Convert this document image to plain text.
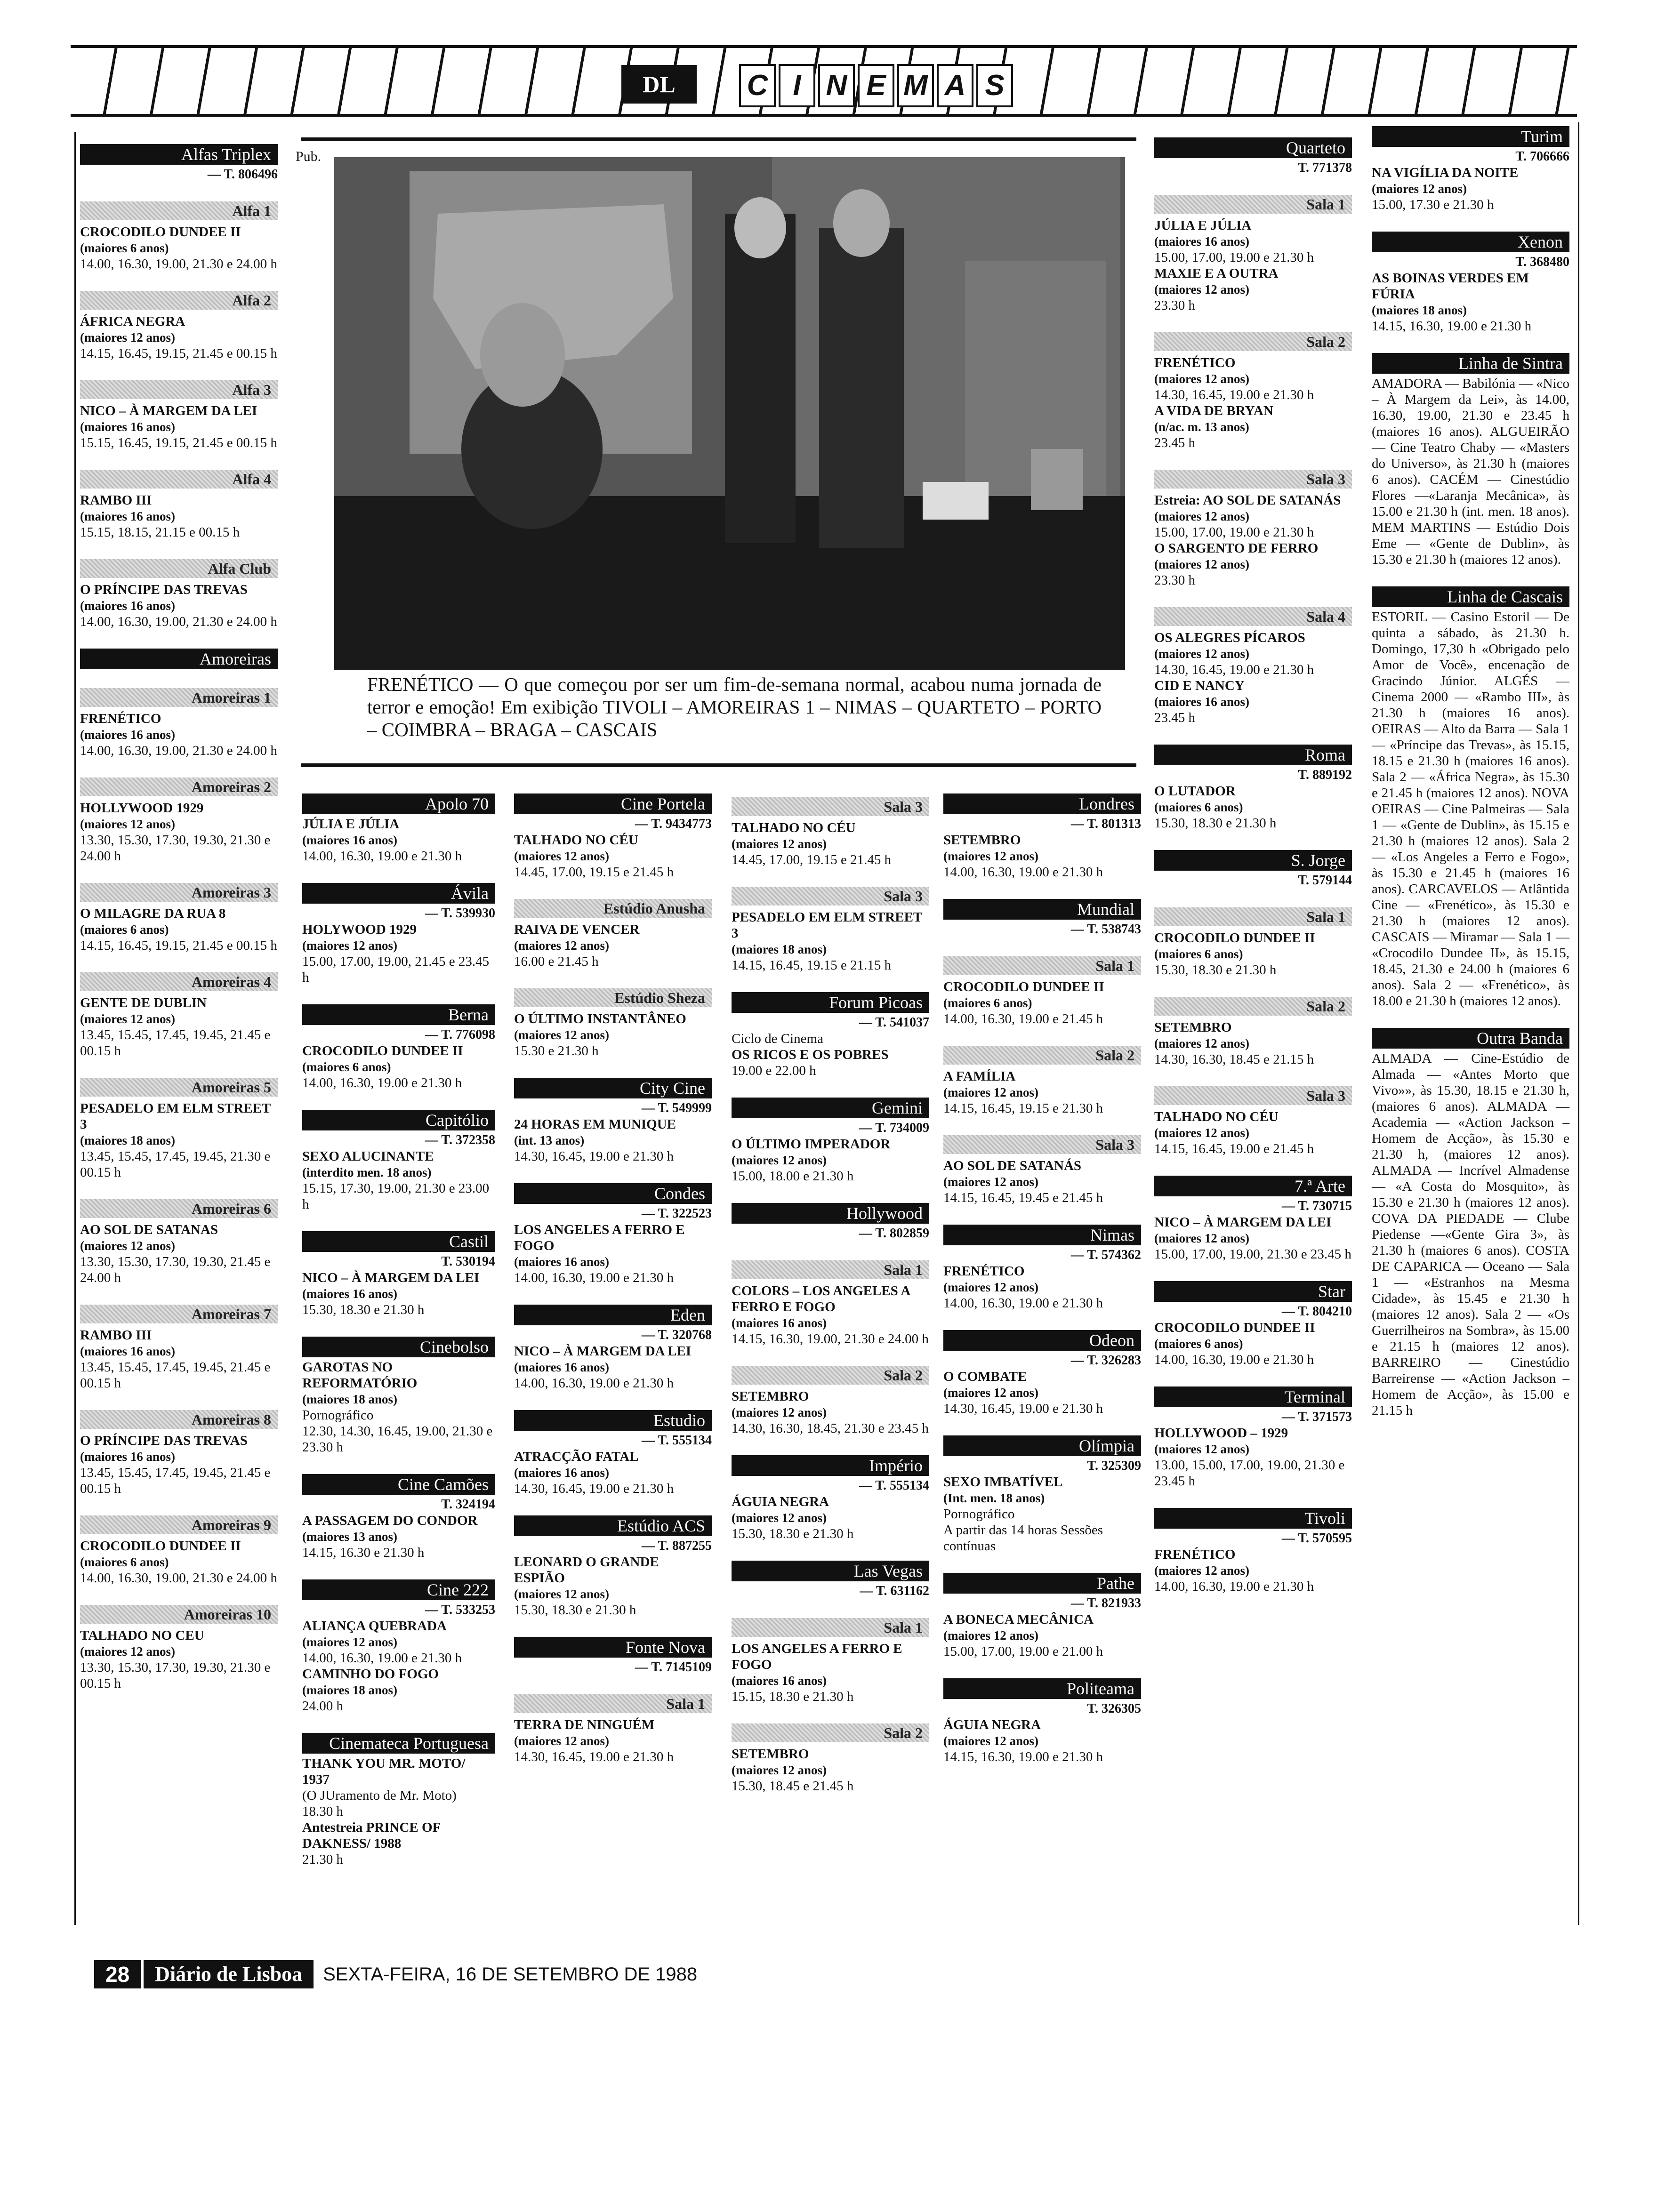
DL	C I N E M A S
Alfas Triplex
— T. 806496
Alfa 1
CROCODILO DUNDEE II
(maiores 6 anos)
14.00, 16.30, 19.00, 21.30 e 24.00 h
Alfa 2
ÁFRICA NEGRA
(maiores 12 anos)
14.15, 16.45, 19.15, 21.45 e 00.15 h
Alfa 3
NICO – À MARGEM DA LEI
(maiores 16 anos)
15.15, 16.45, 19.15, 21.45 e 00.15 h
Alfa 4
RAMBO III
(maiores 16 anos)
15.15, 18.15, 21.15 e 00.15 h
Alfa Club
O PRÍNCIPE DAS TREVAS
(maiores 16 anos)
14.00, 16.30, 19.00, 21.30 e 24.00 h
Amoreiras
Amoreiras 1
FRENÉTICO
(maiores 16 anos)
14.00, 16.30, 19.00, 21.30 e 24.00 h
Amoreiras 2
HOLLYWOOD 1929
(maiores 12 anos)
13.30, 15.30, 17.30, 19.30, 21.30 e 24.00 h
Amoreiras 3
O MILAGRE DA RUA 8
(maiores 6 anos)
14.15, 16.45, 19.15, 21.45 e 00.15 h
Amoreiras 4
GENTE DE DUBLIN
(maiores 12 anos)
13.45, 15.45, 17.45, 19.45, 21.45 e 00.15 h
Amoreiras 5
PESADELO EM ELM STREET 3
(maiores 18 anos)
13.45, 15.45, 17.45, 19.45, 21.30 e 00.15 h
Amoreiras 6
AO SOL DE SATANAS
(maiores 12 anos)
13.30, 15.30, 17.30, 19.30, 21.45 e 24.00 h
Amoreiras 7
RAMBO III
(maiores 16 anos)
13.45, 15.45, 17.45, 19.45, 21.45 e 00.15 h
Amoreiras 8
O PRÍNCIPE DAS TREVAS
(maiores 16 anos)
13.45, 15.45, 17.45, 19.45, 21.45 e 00.15 h
Amoreiras 9
CROCODILO DUNDEE II
(maiores 6 anos)
14.00, 16.30, 19.00, 21.30 e 24.00 h
Amoreiras 10
TALHADO NO CEU
(maiores 12 anos)
13.30, 15.30, 17.30, 19.30, 21.30 e 00.15 h
Apolo 70
JÚLIA E JÚLIA
(maiores 16 anos)
14.00, 16.30, 19.00 e 21.30 h
Ávila
— T. 539930
HOLYWOOD 1929
(maiores 12 anos)
15.00, 17.00, 19.00, 21.45 e 23.45 h
Berna
— T. 776098
CROCODILO DUNDEE II
(maiores 6 anos)
14.00, 16.30, 19.00 e 21.30 h
Capitólio
— T. 372358
SEXO ALUCINANTE
(interdito men. 18 anos)
15.15, 17.30, 19.00, 21.30 e 23.00 h
Castil
T. 530194
NICO – À MARGEM DA LEI
(maiores 16 anos)
15.30, 18.30 e 21.30 h
Cinebolso
GAROTAS NO REFORMATÓRIO
(maiores 18 anos)
Pornográfico
12.30, 14.30, 16.45, 19.00, 21.30 e 23.30 h
Cine Camões
T. 324194
A PASSAGEM DO CONDOR
(maiores 13 anos)
14.15, 16.30 e 21.30 h
Cine 222
— T. 533253
ALIANÇA QUEBRADA
(maiores 12 anos)
14.00, 16.30, 19.00 e 21.30 h
CAMINHO DO FOGO
(maiores 18 anos)
24.00 h
Cinemateca Portuguesa
THANK YOU MR. MOTO/ 1937
(O JUramento de Mr. Moto)
18.30 h
Antestreia PRINCE OF DAKNESS/ 1988
21.30 h
Cine Portela
— T. 9434773
TALHADO NO CÉU
(maiores 12 anos)
14.45, 17.00, 19.15 e 21.45 h
Estúdio Anusha
RAIVA DE VENCER
(maiores 12 anos)
16.00 e 21.45 h
Estúdio Sheza
O ÚLTIMO INSTANTÂNEO
(maiores 12 anos)
15.30 e 21.30 h
City Cine
— T. 549999
24 HORAS EM MUNIQUE
(int. 13 anos)
14.30, 16.45, 19.00 e 21.30 h
Condes
— T. 322523
LOS ANGELES A FERRO E FOGO
(maiores 16 anos)
14.00, 16.30, 19.00 e 21.30 h
Eden
— T. 320768
NICO – À MARGEM DA LEI
(maiores 16 anos)
14.00, 16.30, 19.00 e 21.30 h
Estudio
— T. 555134
ATRACÇÃO FATAL
(maiores 16 anos)
14.30, 16.45, 19.00 e 21.30 h
Estúdio ACS
— T. 887255
LEONARD O GRANDE ESPIÃO
(maiores 12 anos)
15.30, 18.30 e 21.30 h
Fonte Nova
— T. 7145109
Sala 1
TERRA DE NINGUÉM
(maiores 12 anos)
14.30, 16.45, 19.00 e 21.30 h
Sala 3
TALHADO NO CÉU
(maiores 12 anos)
14.45, 17.00, 19.15 e 21.45 h
Sala 3
PESADELO EM ELM STREET 3
(maiores 18 anos)
14.15, 16.45, 19.15 e 21.15 h
Forum Picoas
— T. 541037
Ciclo de Cinema
OS RICOS E OS POBRES
19.00 e 22.00 h
Gemini
— T. 734009
O ÚLTIMO IMPERADOR
(maiores 12 anos)
15.00, 18.00 e 21.30 h
Hollywood
— T. 802859
Sala 1
COLORS – LOS ANGELES A FERRO E FOGO
(maiores 16 anos)
14.15, 16.30, 19.00, 21.30 e 24.00 h
Sala 2
SETEMBRO
(maiores 12 anos)
14.30, 16.30, 18.45, 21.30 e 23.45 h
Império
— T. 555134
ÁGUIA NEGRA
(maiores 12 anos)
15.30, 18.30 e 21.30 h
Las Vegas
— T. 631162
Sala 1
LOS ANGELES A FERRO E FOGO
(maiores 16 anos)
15.15, 18.30 e 21.30 h
Sala 2
SETEMBRO
(maiores 12 anos)
15.30, 18.45 e 21.45 h
Londres
— T. 801313
SETEMBRO
(maiores 12 anos)
14.00, 16.30, 19.00 e 21.30 h
Mundial
— T. 538743
Sala 1
CROCODILO DUNDEE II
(maiores 6 anos)
14.00, 16.30, 19.00 e 21.45 h
Sala 2
A FAMÍLIA
(maiores 12 anos)
14.15, 16.45, 19.15 e 21.30 h
Sala 3
AO SOL DE SATANÁS
(maiores 12 anos)
14.15, 16.45, 19.45 e 21.45 h
Nimas
— T. 574362
FRENÉTICO
(maiores 12 anos)
14.00, 16.30, 19.00 e 21.30 h
Odeon
— T. 326283
O COMBATE
(maiores 12 anos)
14.30, 16.45, 19.00 e 21.30 h
Olímpia
T. 325309
SEXO IMBATÍVEL
(Int. men. 18 anos)
Pornográfico
A partir das 14 horas Sessões contínuas
Pathe
— T. 821933
A BONECA MECÂNICA
(maiores 12 anos)
15.00, 17.00, 19.00 e 21.00 h
Politeama
T. 326305
ÁGUIA NEGRA
(maiores 12 anos)
14.15, 16.30, 19.00 e 21.30 h
Quarteto
T. 771378
Sala 1
JÚLIA E JÚLIA
(maiores 16 anos)
15.00, 17.00, 19.00 e 21.30 h
MAXIE E A OUTRA
(maiores 12 anos)
23.30 h
Sala 2
FRENÉTICO
(maiores 12 anos)
14.30, 16.45, 19.00 e 21.30 h
A VIDA DE BRYAN
(n/ac. m. 13 anos)
23.45 h
Sala 3
Estreia: AO SOL DE SATANÁS
(maiores 12 anos)
15.00, 17.00, 19.00 e 21.30 h
O SARGENTO DE FERRO
(maiores 12 anos)
23.30 h
Sala 4
OS ALEGRES PÍCAROS
(maiores 12 anos)
14.30, 16.45, 19.00 e 21.30 h
CID E NANCY
(maiores 16 anos)
23.45 h
Roma
T. 889192
O LUTADOR
(maiores 6 anos)
15.30, 18.30 e 21.30 h
S. Jorge
T. 579144
Sala 1
CROCODILO DUNDEE II
(maiores 6 anos)
15.30, 18.30 e 21.30 h
Sala 2
SETEMBRO
(maiores 12 anos)
14.30, 16.30, 18.45 e 21.15 h
Sala 3
TALHADO NO CÉU
(maiores 12 anos)
14.15, 16.45, 19.00 e 21.45 h
7.ª Arte
— T. 730715
NICO – À MARGEM DA LEI
(maiores 12 anos)
15.00, 17.00, 19.00, 21.30 e 23.45 h
Star
— T. 804210
CROCODILO DUNDEE II
(maiores 6 anos)
14.00, 16.30, 19.00 e 21.30 h
Terminal
— T. 371573
HOLLYWOOD – 1929
(maiores 12 anos)
13.00, 15.00, 17.00, 19.00, 21.30 e 23.45 h
Tivoli
— T. 570595
FRENÉTICO
(maiores 12 anos)
14.00, 16.30, 19.00 e 21.30 h
Turim
T. 706666
NA VIGÍLIA DA NOITE
(maiores 12 anos)
15.00, 17.30 e 21.30 h
Xenon
T. 368480
AS BOINAS VERDES EM FÚRIA
(maiores 18 anos)
14.15, 16.30, 19.00 e 21.30 h
Linha de Sintra
AMADORA — Babilónia — «Nico – À Margem da Lei», às 14.00, 16.30, 19.00, 21.30 e 23.45 h (maiores 16 anos). ALGUEIRÃO — Cine Teatro Chaby — «Masters do Universo», às 21.30 h (maiores 6 anos). CACÉM — Cinestúdio Flores —«Laranja Mecânica», às 15.00 e 21.30 h (int. men. 18 anos). MEM MARTINS — Estúdio Dois Eme — «Gente de Dublin», às 15.30 e 21.30 h (maiores 12 anos).
Linha de Cascais
ESTORIL — Casino Estoril — De quinta a sábado, às 21.30 h. Domingo, 17,30 h «Obrigado pelo Amor de Você», encenação de Gracindo Júnior. ALGÉS — Cinema 2000 — «Rambo III», às 21.30 h (maiores 16 anos). OEIRAS — Alto da Barra — Sala 1 — «Príncipe das Trevas», às 15.15, 18.15 e 21.30 h (maiores 16 anos). Sala 2 — «África Negra», às 15.30 e 21.45 h (maiores 12 anos). NOVA OEIRAS — Cine Palmeiras — Sala 1 — «Gente de Dublin», às 15.15 e 21.30 h (maiores 12 anos). Sala 2 — «Los Angeles a Ferro e Fogo», às 15.30 e 21.45 h (maiores 16 anos). CARCAVELOS — Atlântida Cine — «Frenético», às 15.30 e 21.30 h (maiores 12 anos). CASCAIS — Miramar — Sala 1 — «Crocodilo Dundee II», às 15.15, 18.45, 21.30 e 24.00 h (maiores 6 anos). Sala 2 — «Frenético», às 18.00 e 21.30 h (maiores 12 anos).
Outra Banda
ALMADA — Cine-Estúdio de Almada — «Antes Morto que Vivo»», às 15.30, 18.15 e 21.30 h, (maiores 6 anos). ALMADA — Academia — «Action Jackson – Homem de Acção», às 15.30 e 21.30 h, (maiores 12 anos). ALMADA — Incrível Almadense — «A Costa do Mosquito», às 15.30 e 21.30 h (maiores 12 anos). COVA DA PIEDADE — Clube Piedense —«Gente Gira 3», às 21.30 h (maiores 6 anos). COSTA DE CAPARICA — Oceano — Sala 1 — «Estranhos na Mesma Cidade», às 15.45 e 21.30 h (maiores 12 anos). Sala 2 — «Os Guerrilheiros na Sombra», às 15.00 e 21.15 h (maiores 12 anos). BARREIRO — Cinestúdio Barreirense — «Action Jackson – Homem de Acção», às 15.00 e 21.15 h
Pub.
FRENÉTICO — O que começou por ser um fim-de-semana normal, acabou numa jornada de terror e emoção! Em exibição TIVOLI – AMOREIRAS 1 – NIMAS – QUARTETO – PORTO – COIMBRA – BRAGA – CASCAIS
28	Diário de Lisboa	SEXTA-FEIRA, 16 DE SETEMBRO DE 1988
